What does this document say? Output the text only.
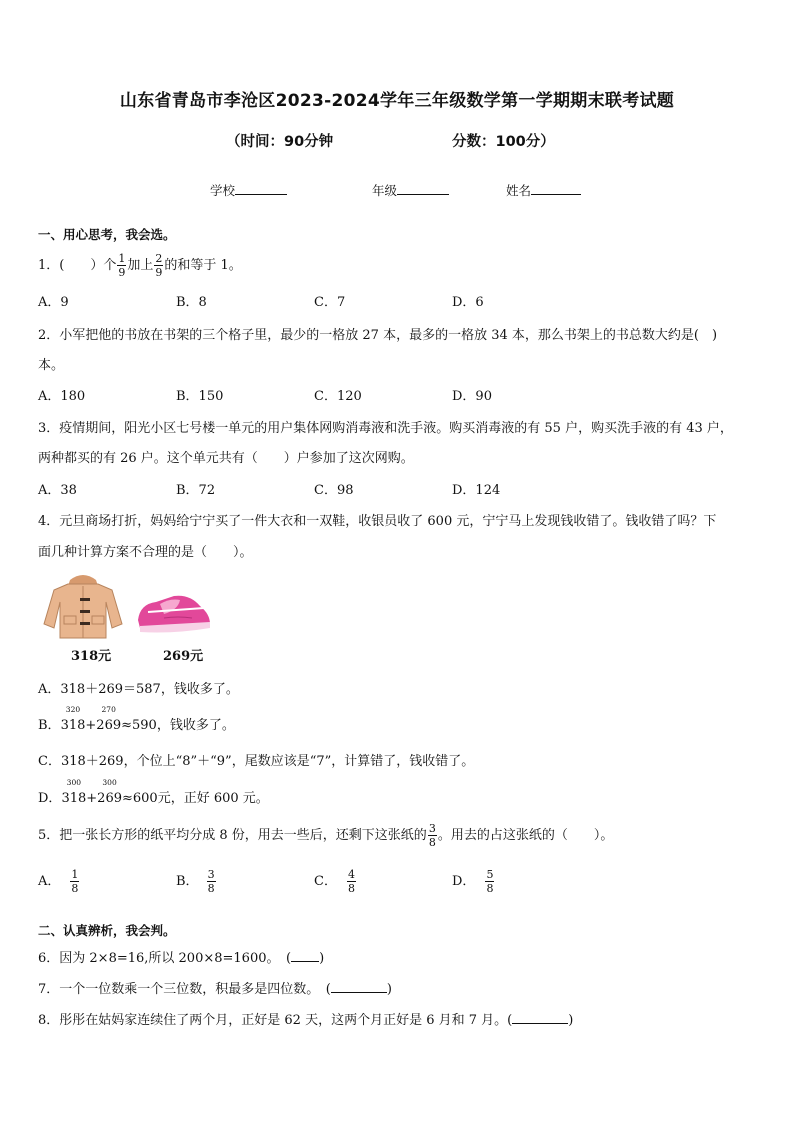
山东省青岛市李沧区2023-2024学年三年级数学第一学期期末联考试题
（时间：90分钟	分数：100分）
学校	年级	姓名
一、用心思考，我会选。
1．(　　）个 $\frac{1}{9}$ 加上 $\frac{2}{9}$ 的和等于 1。
A．9	B．8	C．7	D．6
2．小军把他的书放在书架的三个格子里，最少的一格放 27 本，最多的一格放 34 本，那么书架上的书总数大约是(　)
本。
A．180	B．150	C．120	D．90
3．疫情期间，阳光小区七号楼一单元的用户集体网购消毒液和洗手液。购买消毒液的有 55 户，购买洗手液的有 43 户，
两种都买的有 26 户。这个单元共有（　　）户参加了这次网购。
A．38	B．72	C．98	D．124
4．元旦商场打折，妈妈给宁宁买了一件大衣和一双鞋，收银员收了 600 元，宁宁马上发现钱收错了。钱收错了吗？下
面几种计算方案不合理的是（　　）。
318元	269元
A．318＋269＝587，钱收多了。
B．
320
318+
270
269≈590，钱收多了。
C．318＋269，个位上“8”＋“9”，尾数应该是“7”，计算错了，钱收错了。
D．
300
318+
300
269≈600元，正好 600 元。
5．把一张长方形的纸平均分成 8 份，用去一些后，还剩下这张纸的 $\frac{3}{8}$ 。用去的占这张纸的（　　）。
A． $\frac{1}{8}$	B． $\frac{3}{8}$	C． $\frac{4}{8}$	D． $\frac{5}{8}$
二、认真辨析，我会判。
6．因为 2×8=16,所以 200×8=1600。　( )
7．一个一位数乘一个三位数，积最多是四位数。　(	)
8．彤彤在姑妈家连续住了两个月，正好是 62 天，这两个月正好是 6 月和 7 月。(	)
